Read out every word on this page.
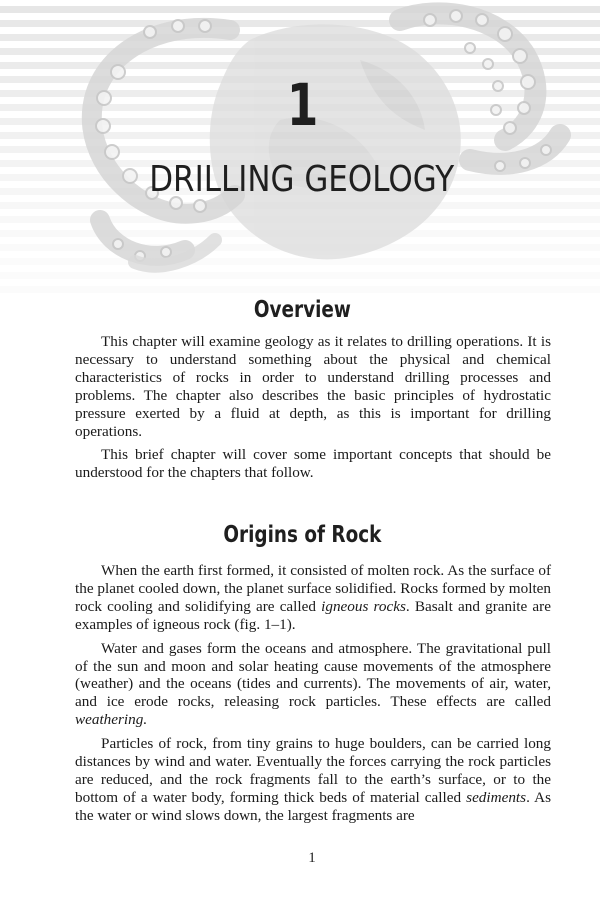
1
DRILLING GEOLOGY
Overview

This chapter will examine geology as it relates to drilling operations. It is necessary to understand something about the physical and chemical characteristics of rocks in order to understand drilling processes and problems. The chapter also describes the basic principles of hydrostatic pressure exerted by a fluid at depth, as this is important for drilling operations.

This brief chapter will cover some important concepts that should be understood for the chapters that follow.

Origins of Rock

When the earth first formed, it consisted of molten rock. As the surface of the planet cooled down, the planet surface solidified. Rocks formed by molten rock cooling and solidifying are called igneous rocks. Basalt and granite are examples of igneous rock (fig. 1–1).

Water and gases form the oceans and atmosphere. The gravitational pull of the sun and moon and solar heating cause movements of the atmosphere (weather) and the oceans (tides and currents). The movements of air, water, and ice erode rocks, releasing rock particles. These effects are called weathering.

Particles of rock, from tiny grains to huge boulders, can be carried long distances by wind and water. Eventually the forces carrying the rock particles are reduced, and the rock fragments fall to the earth’s surface, or to the bottom of a water body, forming thick beds of material called sediments. As the water or wind slows down, the largest fragments are

1
